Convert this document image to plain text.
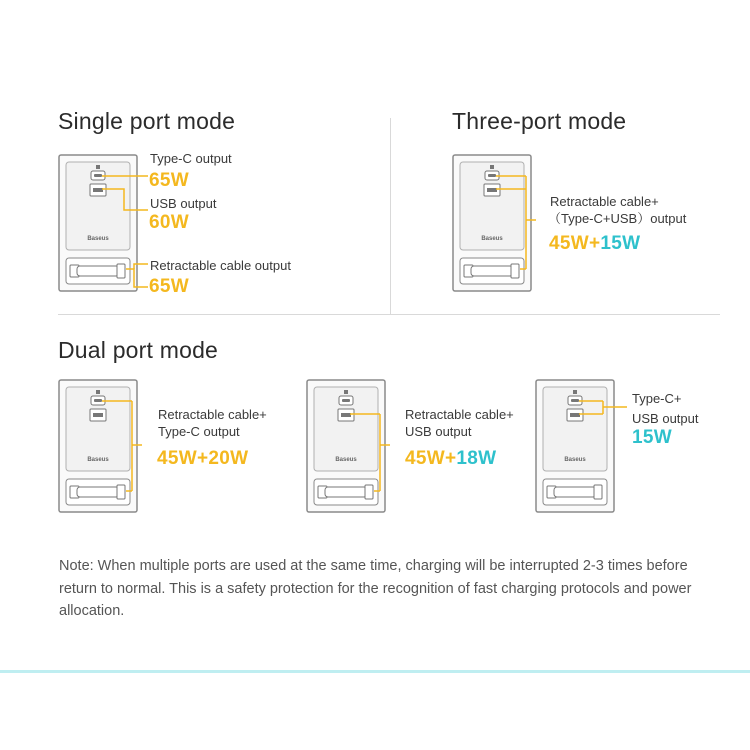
Single port mode
Baseus
Type-C output
65W
USB output
60W
Retractable cable output
65W
Three-port mode
Baseus
Retractable cable+
（Type-C+USB）output
45W+15W
Dual port mode
Baseus
Retractable cable+
Type-C output
45W+20W	Baseus
Retractable cable+
USB output
45W+18W	Baseus
Type-C+
USB output
15W
Note: When multiple ports are used at the same time, charging will be interrupted 2-3 times before return to normal. This is a safety protection for the recognition of fast charging protocols and power allocation.
